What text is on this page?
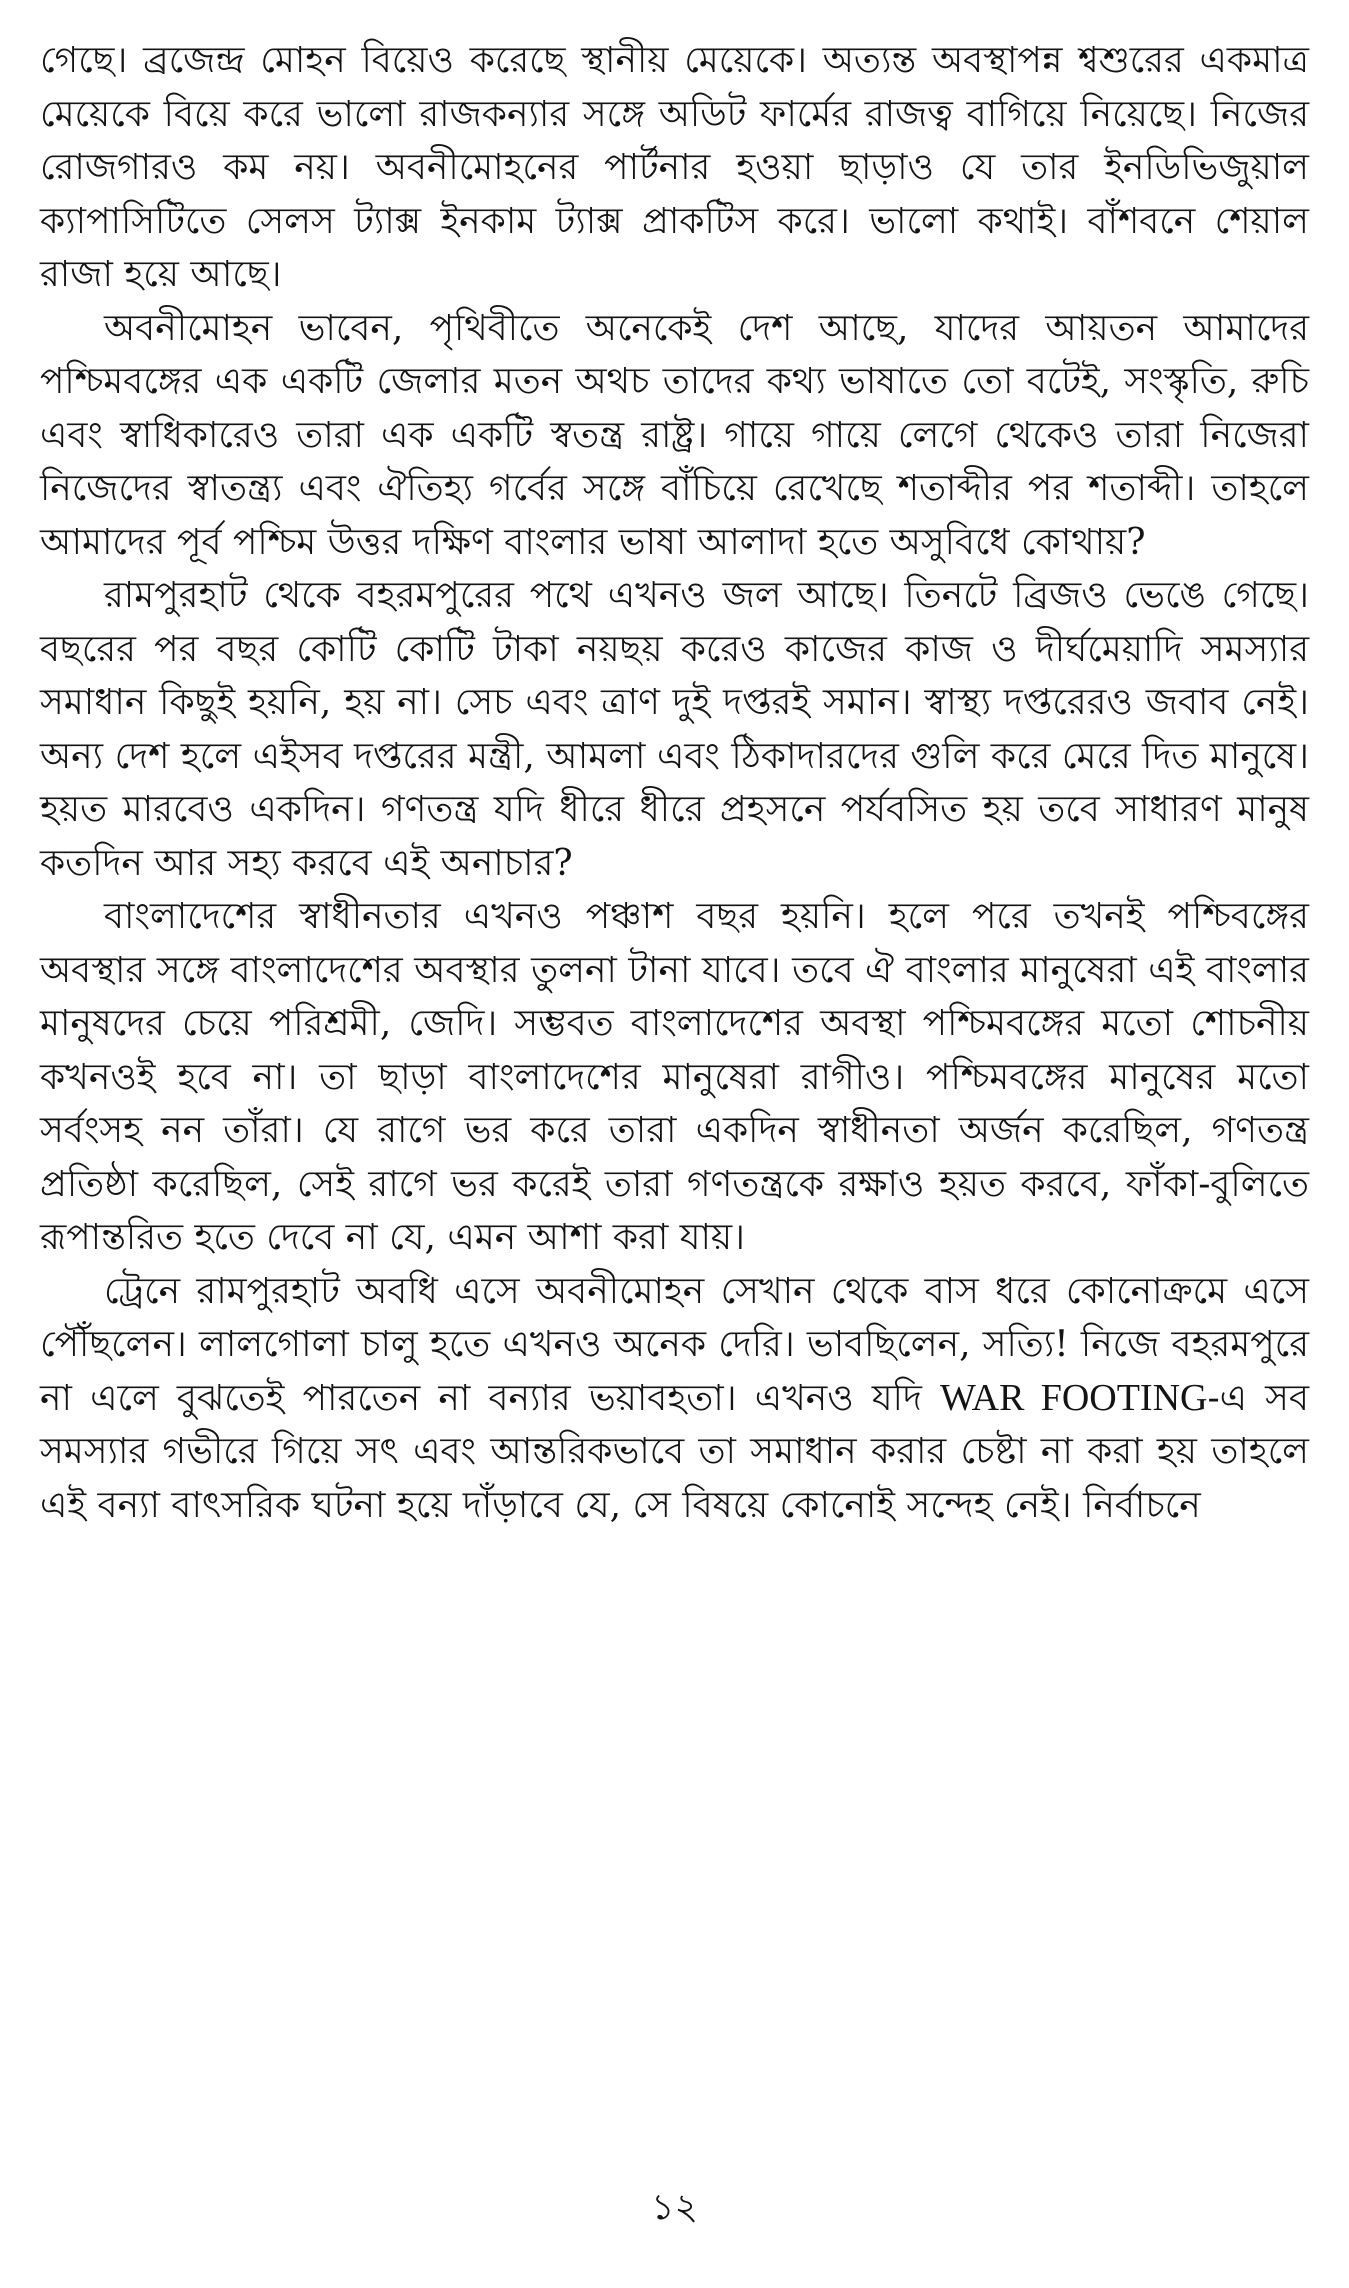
গেছে। ব্রজেন্দ্র মোহন বিয়েও করেছে স্থানীয় মেয়েকে। অত্যন্ত অবস্থাপন্ন শ্বশুরের একমাত্র মেয়েকে বিয়ে করে ভালো রাজকন্যার সঙ্গে অডিট ফার্মের রাজত্ব বাগিয়ে নিয়েছে। নিজের রোজগারও কম নয়। অবনীমোহনের পার্টনার হওয়া ছাড়াও যে তার ইনডিভিজুয়াল ক্যাপাসিটিতে সেলস ট্যাক্স ইনকাম ট্যাক্স প্রাকটিস করে। ভালো কথাই। বাঁশবনে শেয়াল রাজা হয়ে আছে।

অবনীমোহন ভাবেন, পৃথিবীতে অনেকেই দেশ আছে, যাদের আয়তন আমাদের পশ্চিমবঙ্গের এক একটি জেলার মতন অথচ তাদের কথ্য ভাষাতে তো বটেই, সংস্কৃতি, রুচি এবং স্বাধিকারেও তারা এক একটি স্বতন্ত্র রাষ্ট্র। গায়ে গায়ে লেগে থেকেও তারা নিজেরা নিজেদের স্বাতন্ত্র্য এবং ঐতিহ্য গর্বের সঙ্গে বাঁচিয়ে রেখেছে শতাব্দীর পর শতাব্দী। তাহলে আমাদের পূর্ব পশ্চিম উত্তর দক্ষিণ বাংলার ভাষা আলাদা হতে অসুবিধে কোথায়?

রামপুরহাট থেকে বহরমপুরের পথে এখনও জল আছে। তিনটে ব্রিজও ভেঙে গেছে। বছরের পর বছর কোটি কোটি টাকা নয়ছয় করেও কাজের কাজ ও দীর্ঘমেয়াদি সমস্যার সমাধান কিছুই হয়নি, হয় না। সেচ এবং ত্রাণ দুই দপ্তরই সমান। স্বাস্থ্য দপ্তরেরও জবাব নেই। অন্য দেশ হলে এইসব দপ্তরের মন্ত্রী, আমলা এবং ঠিকাদারদের গুলি করে মেরে দিত মানুষে। হয়ত মারবেও একদিন। গণতন্ত্র যদি ধীরে ধীরে প্রহসনে পর্যবসিত হয় তবে সাধারণ মানুষ কতদিন আর সহ্য করবে এই অনাচার?

বাংলাদেশের স্বাধীনতার এখনও পঞ্চাশ বছর হয়নি। হলে পরে তখনই পশ্চিবঙ্গের অবস্থার সঙ্গে বাংলাদেশের অবস্থার তুলনা টানা যাবে। তবে ঐ বাংলার মানুষেরা এই বাংলার মানুষদের চেয়ে পরিশ্রমী, জেদি। সম্ভবত বাংলাদেশের অবস্থা পশ্চিমবঙ্গের মতো শোচনীয় কখনওই হবে না। তা ছাড়া বাংলাদেশের মানুষেরা রাগীও। পশ্চিমবঙ্গের মানুষের মতো সর্বংসহ নন তাঁরা। যে রাগে ভর করে তারা একদিন স্বাধীনতা অর্জন করেছিল, গণতন্ত্র প্রতিষ্ঠা করেছিল, সেই রাগে ভর করেই তারা গণতন্ত্রকে রক্ষাও হয়ত করবে, ফাঁকা-বুলিতে রূপান্তরিত হতে দেবে না যে, এমন আশা করা যায়।

ট্রেনে রামপুরহাট অবধি এসে অবনীমোহন সেখান থেকে বাস ধরে কোনোক্রমে এসে পৌঁছলেন। লালগোলা চালু হতে এখনও অনেক দেরি। ভাবছিলেন, সত্যি! নিজে বহরমপুরে না এলে বুঝতেই পারতেন না বন্যার ভয়াবহতা। এখনও যদি WAR FOOTING-এ সব সমস্যার গভীরে গিয়ে সৎ এবং আন্তরিকভাবে তা সমাধান করার চেষ্টা না করা হয় তাহলে এই বন্যা বাৎসরিক ঘটনা হয়ে দাঁড়াবে যে, সে বিষয়ে কোনোই সন্দেহ নেই। নির্বাচনে

১২
